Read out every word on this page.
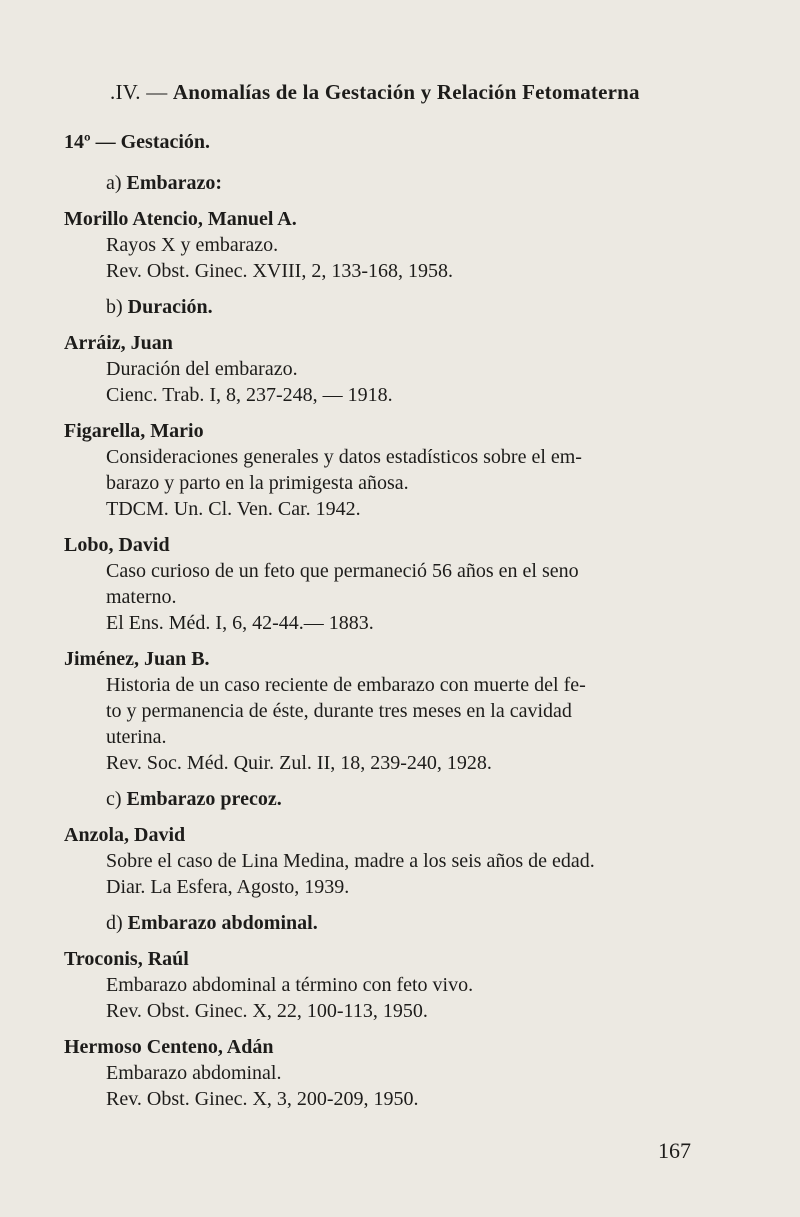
.IV. — Anomalías de la Gestación y Relación Fetomaterna
14º — Gestación.
a) Embarazo:

Morillo Atencio, Manuel A.

Rayos X y embarazo.

Rev. Obst. Ginec. XVIII, 2, 133-168, 1958.

b) Duración.

Arráiz, Juan

Duración del embarazo.

Cienc. Trab. I, 8, 237-248, — 1918.

Figarella, Mario

Consideraciones generales y datos estadísticos sobre el em-

barazo y parto en la primigesta añosa.

TDCM. Un. Cl. Ven. Car. 1942.

Lobo, David

Caso curioso de un feto que permaneció 56 años en el seno

materno.

El Ens. Méd. I, 6, 42-44.— 1883.

Jiménez, Juan B.

Historia de un caso reciente de embarazo con muerte del fe-

to y permanencia de éste, durante tres meses en la cavidad

uterina.

Rev. Soc. Méd. Quir. Zul. II, 18, 239-240, 1928.

c) Embarazo precoz.

Anzola, David

Sobre el caso de Lina Medina, madre a los seis años de edad.

Diar. La Esfera, Agosto, 1939.

d) Embarazo abdominal.

Troconis, Raúl

Embarazo abdominal a término con feto vivo.

Rev. Obst. Ginec. X, 22, 100-113, 1950.

Hermoso Centeno, Adán

Embarazo abdominal.

Rev. Obst. Ginec. X, 3, 200-209, 1950.

167
